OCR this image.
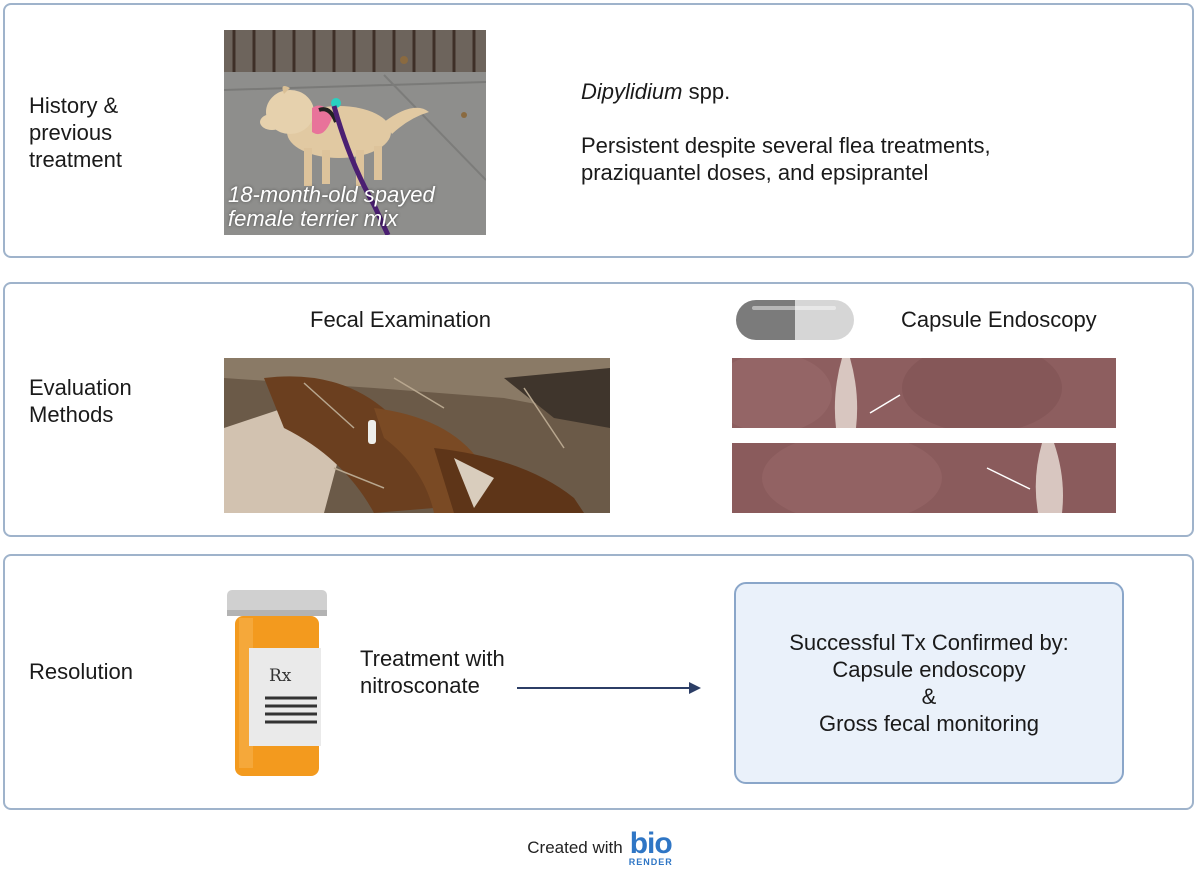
History & previous treatment
18-month-old spayed female terrier mix
Dipylidium spp.
Persistent despite several flea treatments,
praziquantel doses, and epsiprantel
Evaluation Methods
Fecal Examination	Capsule Endoscopy
Resolution	Rx
Treatment with nitrosconate
Successful Tx Confirmed by:
Capsule endoscopy
&
Gross fecal monitoring
Created with bio
RENDER
